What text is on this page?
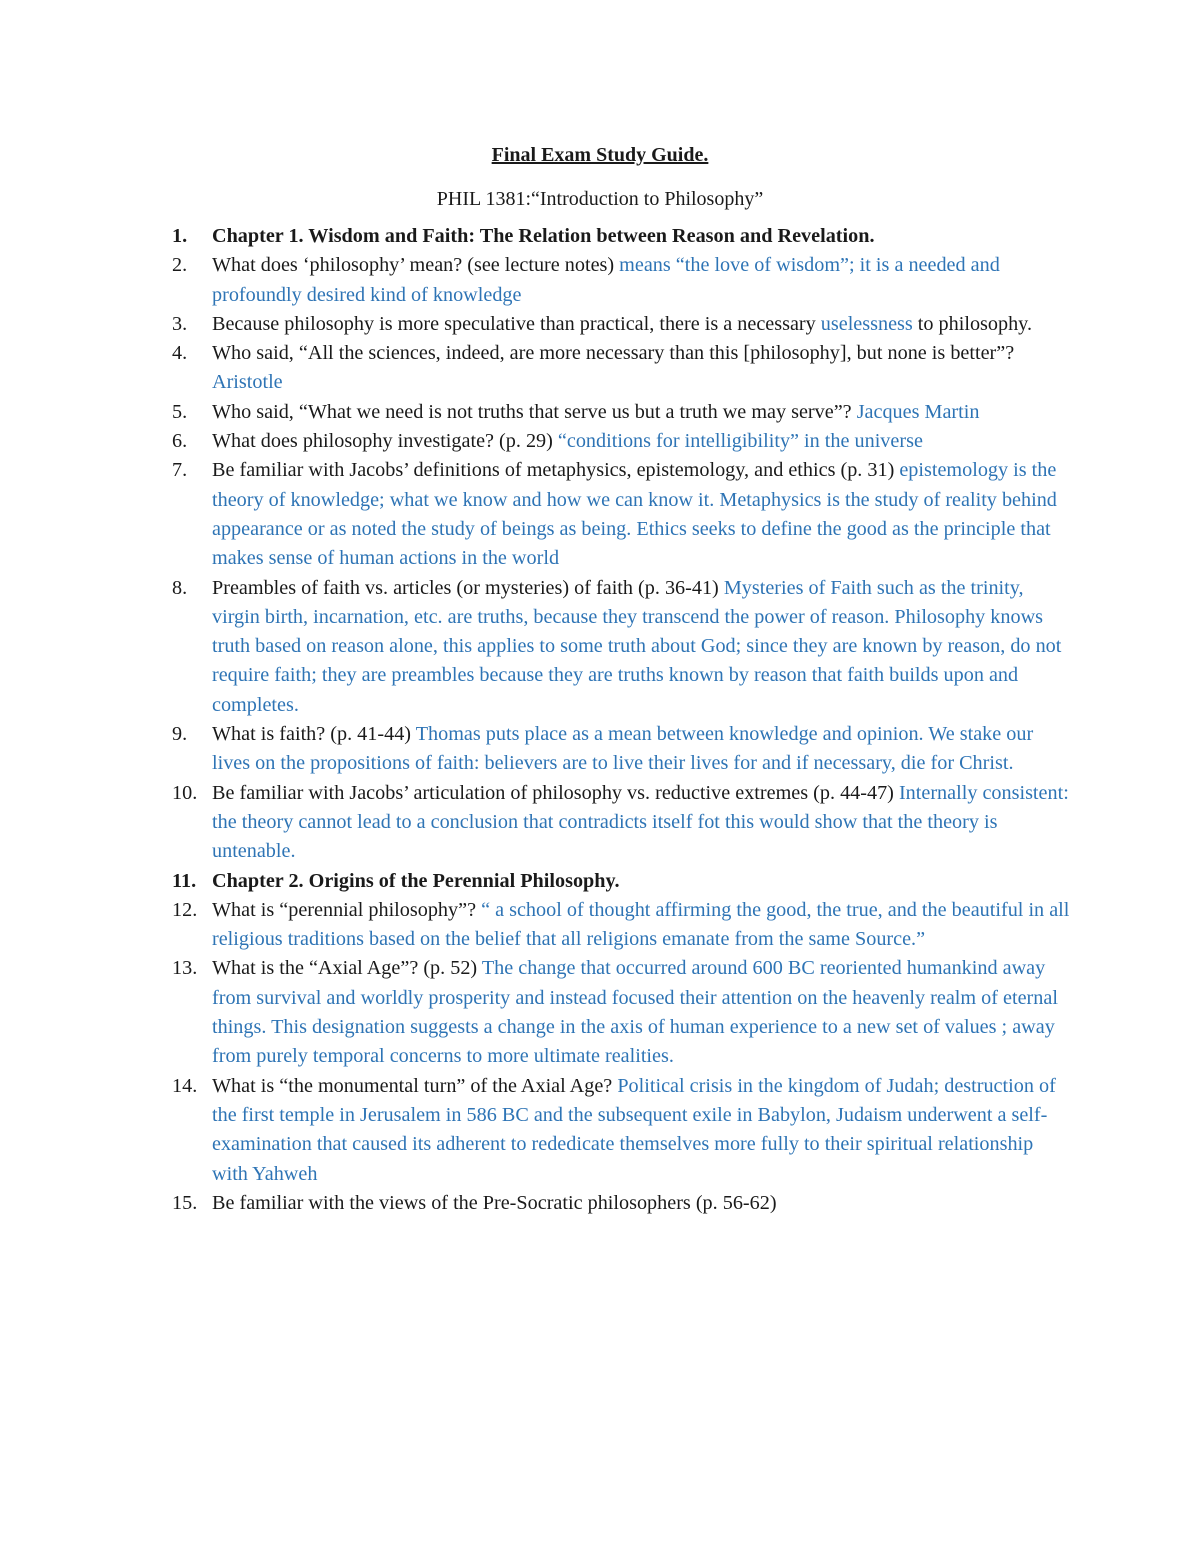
Final Exam Study Guide.

PHIL 1381:“Introduction to Philosophy”

1.	Chapter 1. Wisdom and Faith: The Relation between Reason and Revelation.
2.	What does ‘philosophy’ mean? (see lecture notes) means “the love of wisdom”; it is a needed and profoundly desired kind of knowledge
3.	Because philosophy is more speculative than practical, there is a necessary uselessness to philosophy.
4.	Who said, “All the sciences, indeed, are more necessary than this [philosophy], but none is better”? Aristotle
5.	Who said, “What we need is not truths that serve us but a truth we may serve”? Jacques Martin
6.	What does philosophy investigate? (p. 29) “conditions for intelligibility” in the universe
7.	Be familiar with Jacobs’ definitions of metaphysics, epistemology, and ethics (p. 31) epistemology is the theory of knowledge; what we know and how we can know it. Metaphysics is the study of reality behind appearance or as noted the study of beings as being. Ethics seeks to define the good as the principle that makes sense of human actions in the world
8.	Preambles of faith vs. articles (or mysteries) of faith (p. 36-41) Mysteries of Faith such as the trinity, virgin birth, incarnation, etc. are truths, because they transcend the power of reason. Philosophy knows truth based on reason alone, this applies to some truth about God; since they are known by reason, do not require faith; they are preambles because they are truths known by reason that faith builds upon and completes.
9.	What is faith? (p. 41-44) Thomas puts place as a mean between knowledge and opinion. We stake our lives on the propositions of faith: believers are to live their lives for and if necessary, die for Christ.
10. Be familiar with Jacobs’ articulation of philosophy vs. reductive extremes (p. 44-47) Internally consistent: the theory cannot lead to a conclusion that contradicts itself fot this would show that the theory is untenable.
11. Chapter 2. Origins of the Perennial Philosophy.
12. What is “perennial philosophy”? “ a school of thought affirming the good, the true, and the beautiful in all religious traditions based on the belief that all religions emanate from the same Source.”
13. What is the “Axial Age”? (p. 52) The change that occurred around 600 BC reoriented humankind away from survival and worldly prosperity and instead focused their attention on the heavenly realm of eternal things. This designation suggests a change in the axis of human experience to a new set of values ; away from purely temporal concerns to more ultimate realities.
14. What is “the monumental turn” of the Axial Age? Political crisis in the kingdom of Judah; destruction of the first temple in Jerusalem in 586 BC and the subsequent exile in Babylon, Judaism underwent a self-examination that caused its adherent to rededicate themselves more fully to their spiritual relationship with Yahweh
15. Be familiar with the views of the Pre-Socratic philosophers (p. 56-62)
